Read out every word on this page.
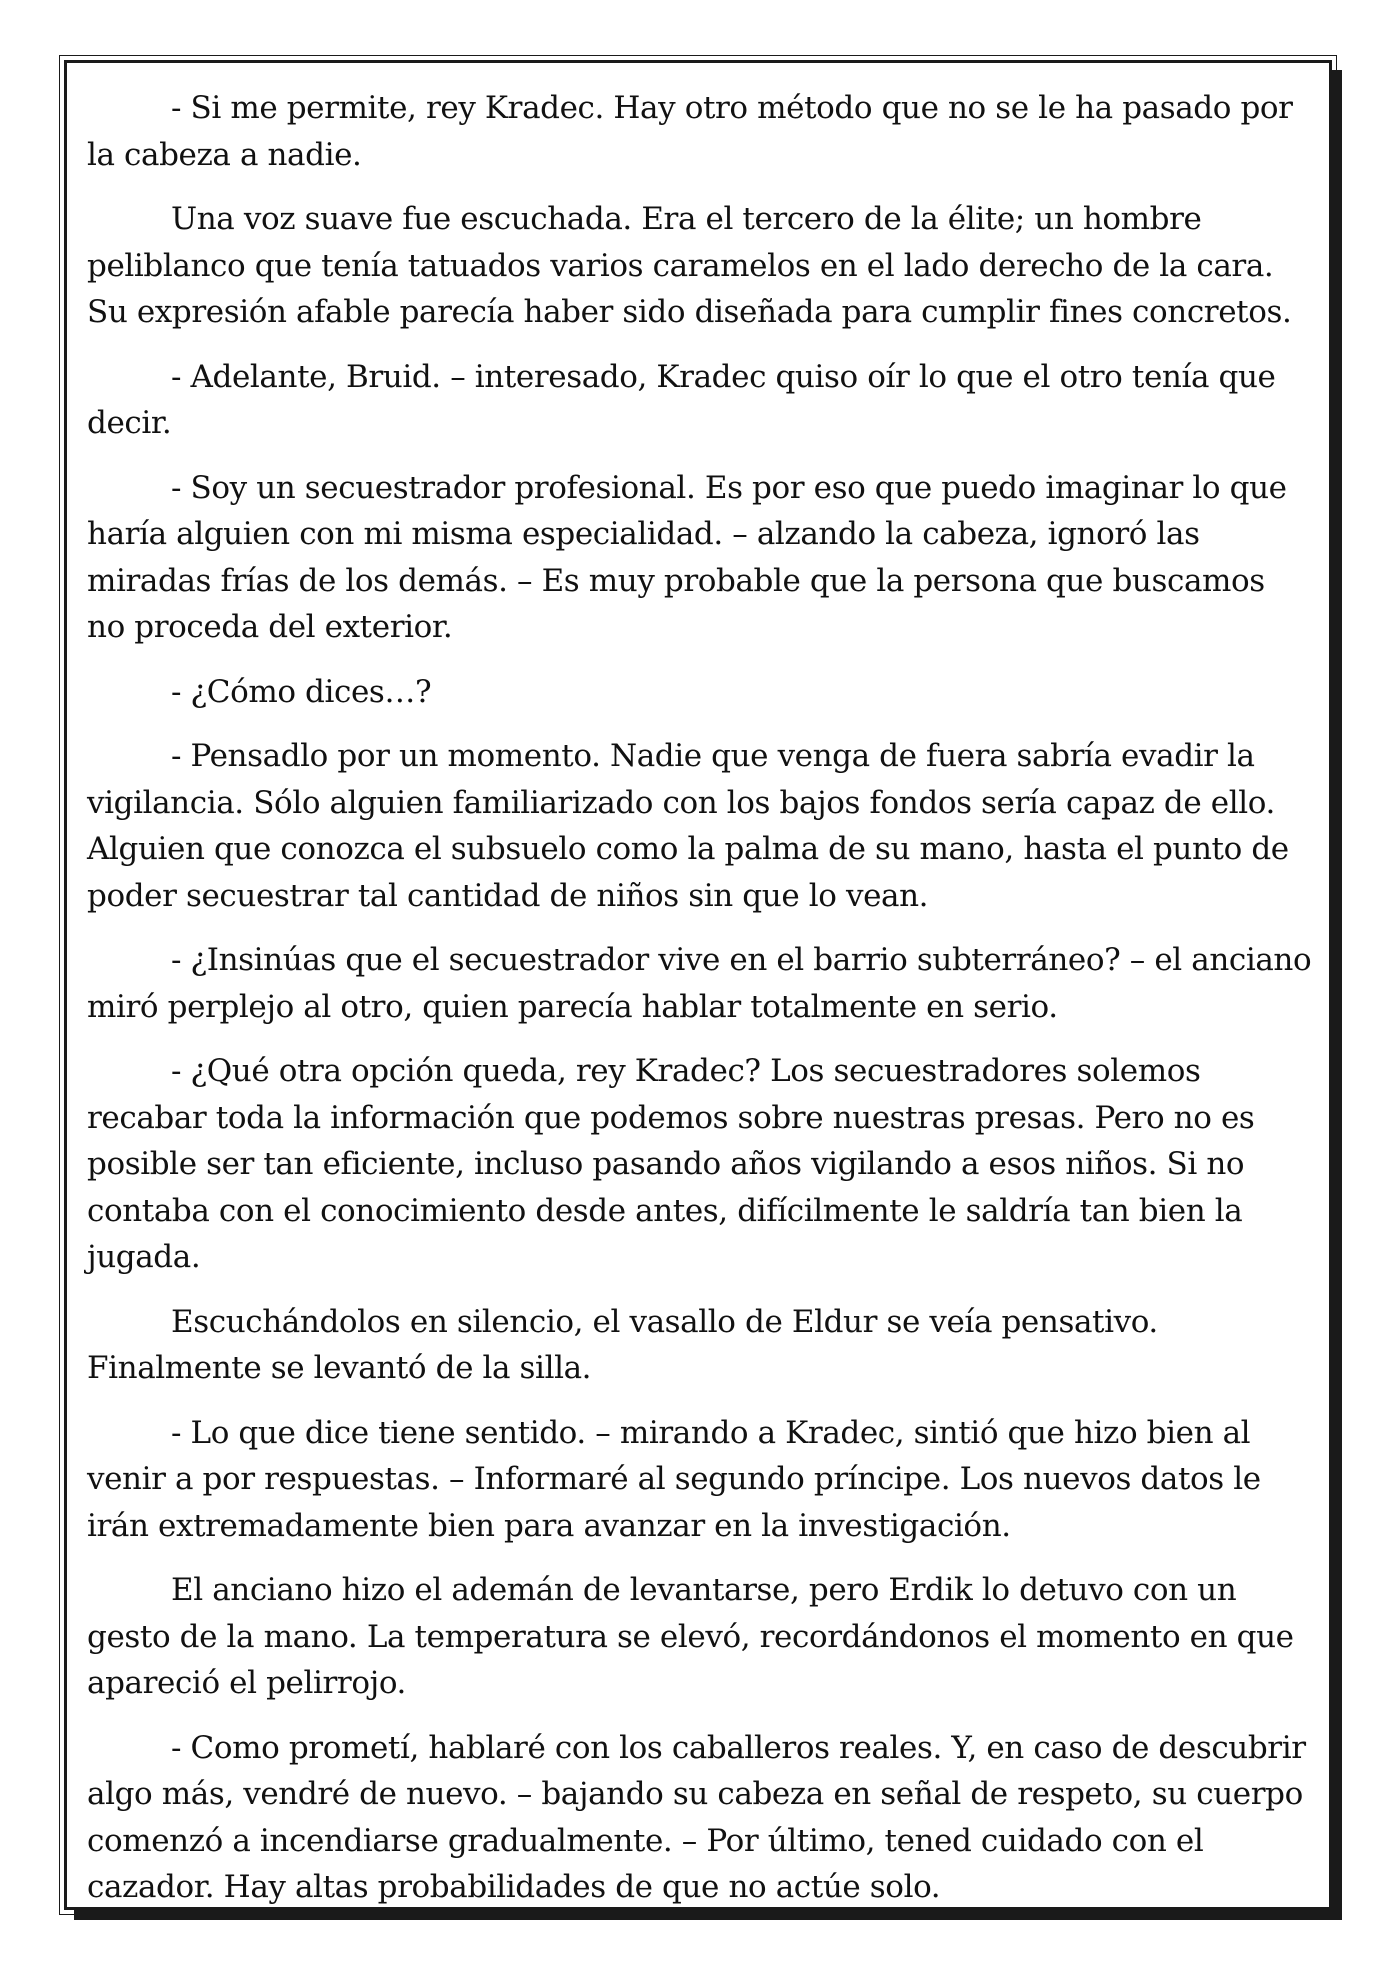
- Si me permite, rey Kradec. Hay otro método que no se le ha pasado por la cabeza a nadie.

Una voz suave fue escuchada. Era el tercero de la élite; un hombre peliblanco que tenía tatuados varios caramelos en el lado derecho de la cara. Su expresión afable parecía haber sido diseñada para cumplir fines concretos.

- Adelante, Bruid. – interesado, Kradec quiso oír lo que el otro tenía que decir.

- Soy un secuestrador profesional. Es por eso que puedo imaginar lo que haría alguien con mi misma especialidad. – alzando la cabeza, ignoró las miradas frías de los demás. – Es muy probable que la persona que buscamos no proceda del exterior.

- ¿Cómo dices…?

- Pensadlo por un momento. Nadie que venga de fuera sabría evadir la vigilancia. Sólo alguien familiarizado con los bajos fondos sería capaz de ello. Alguien que conozca el subsuelo como la palma de su mano, hasta el punto de poder secuestrar tal cantidad de niños sin que lo vean.

- ¿Insinúas que el secuestrador vive en el barrio subterráneo? – el anciano miró perplejo al otro, quien parecía hablar totalmente en serio.

- ¿Qué otra opción queda, rey Kradec? Los secuestradores solemos recabar toda la información que podemos sobre nuestras presas. Pero no es posible ser tan eficiente, incluso pasando años vigilando a esos niños. Si no contaba con el conocimiento desde antes, difícilmente le saldría tan bien la jugada.

Escuchándolos en silencio, el vasallo de Eldur se veía pensativo. Finalmente se levantó de la silla.

- Lo que dice tiene sentido. – mirando a Kradec, sintió que hizo bien al venir a por respuestas. – Informaré al segundo príncipe. Los nuevos datos le irán extremadamente bien para avanzar en la investigación.

El anciano hizo el ademán de levantarse, pero Erdik lo detuvo con un gesto de la mano. La temperatura se elevó, recordándonos el momento en que apareció el pelirrojo.

- Como prometí, hablaré con los caballeros reales. Y, en caso de descubrir algo más, vendré de nuevo. – bajando su cabeza en señal de respeto, su cuerpo comenzó a incendiarse gradualmente. – Por último, tened cuidado con el cazador. Hay altas probabilidades de que no actúe solo.
